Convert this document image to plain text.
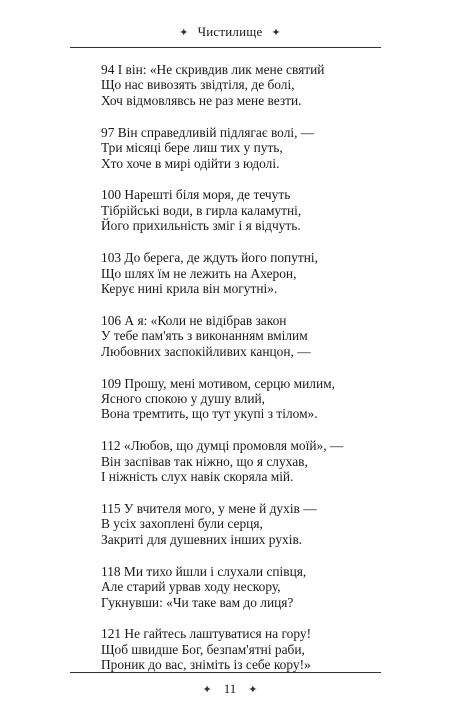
✦ Чистилище ✦
94 І він: «Не скривдив лик мене святий
Що нас вивозять звідтіля, де болі,
Хоч відмовлявсь не раз мене везти.
97 Він справедливій підлягає волі, —
Три місяці бере лиш тих у путь,
Хто хоче в мирі одійти з юдолі.
100 Нарешті біля моря, де течуть
Тібрійські води, в гирла каламутні,
Його прихильність зміг і я відчуть.
103 До берега, де ждуть його попутні,
Що шлях їм не лежить на Ахерон,
Керує нині крила він могутні».
106 А я: «Коли не відібрав закон
У тебе пам'ять з виконанням вмілим
Любовних заспокійливих канцон, —
109 Прошу, мені мотивом, серцю милим,
Ясного спокою у душу влий,
Вона тремтить, що тут укупі з тілом».
112 «Любов, що думці промовля моїй», —
Він заспівав так ніжно, що я слухав,
І ніжність слух навік скоряла мій.
115 У вчителя мого, у мене й духів —
В усіх захоплені були серця,
Закриті для душевних інших рухів.
118 Ми тихо йшли і слухали співця,
Але старий урвав ходу нескору,
Гукнувши: «Чи таке вам до лиця?
121 Не гайтесь лаштуватися на гору!
Щоб швидше Бог, безпам'ятні раби,
Проник до вас, зніміть із себе кору!»
✦ 11 ✦
